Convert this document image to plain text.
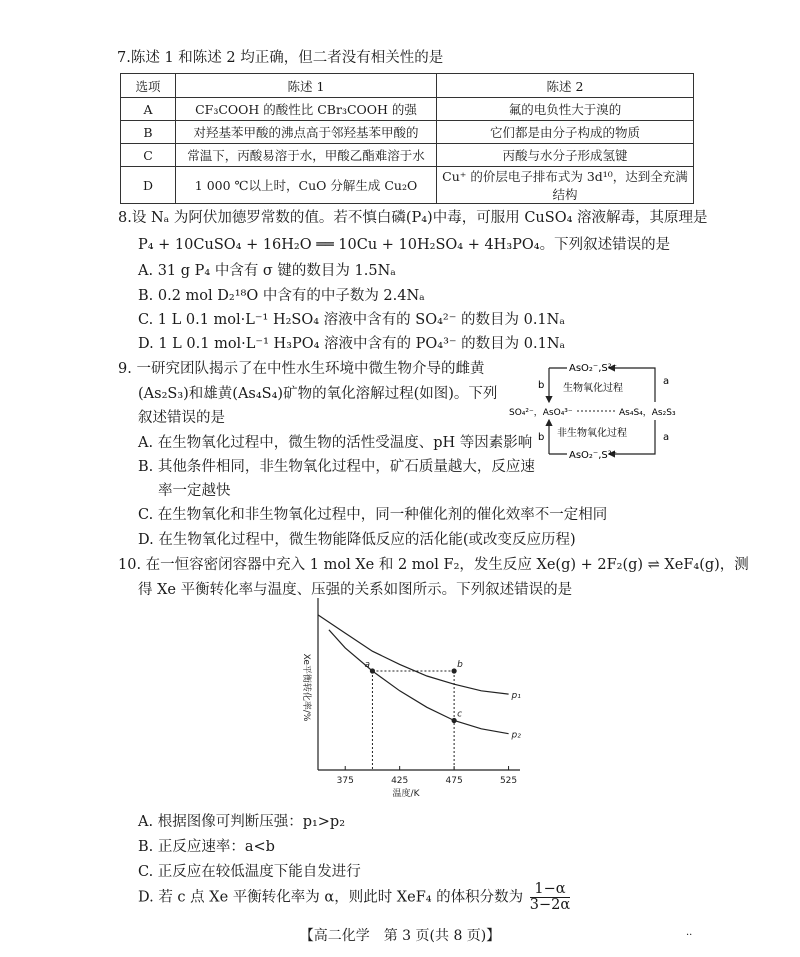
7.陈述 1 和陈述 2 均正确，但二者没有相关性的是
选项	陈述 1	陈述 2
A	CF₃COOH 的酸性比 CBr₃COOH 的强	氟的电负性大于溴的
B	对羟基苯甲酸的沸点高于邻羟基苯甲酸的	它们都是由分子构成的物质
C	常温下，丙酸易溶于水，甲酸乙酯难溶于水	丙酸与水分子形成氢键
D	1 000 ℃以上时，CuO 分解生成 Cu₂O	Cu⁺ 的价层电子排布式为 3d¹⁰，达到全充满结构
8.设 Nₐ 为阿伏加德罗常数的值。若不慎白磷(P₄)中毒，可服用 CuSO₄ 溶液解毒，其原理是
P₄ + 10CuSO₄ + 16H₂O ══ 10Cu + 10H₂SO₄ + 4H₃PO₄。下列叙述错误的是
A. 31 g P₄ 中含有 σ 键的数目为 1.5Nₐ
B. 0.2 mol D₂¹⁸O 中含有的中子数为 2.4Nₐ
C. 1 L 0.1 mol·L⁻¹ H₂SO₄ 溶液中含有的 SO₄²⁻ 的数目为 0.1Nₐ
D. 1 L 0.1 mol·L⁻¹ H₃PO₄ 溶液中含有的 PO₄³⁻ 的数目为 0.1Nₐ
9. 一研究团队揭示了在中性水生环境中微生物介导的雌黄
(As₂S₃)和雄黄(As₄S₄)矿物的氧化溶解过程(如图)。下列
叙述错误的是
A. 在生物氧化过程中，微生物的活性受温度、pH 等因素影响
B. 其他条件相同，非生物氧化过程中，矿石质量越大，反应速
率一定越快
C. 在生物氧化和非生物氧化过程中，同一种催化剂的催化效率不一定相同
D. 在生物氧化过程中，微生物能降低反应的活化能(或改变反应历程)
AsO₂⁻,S²⁻
AsO₂⁻,S²⁻
生物氧化过程
非生物氧化过程
SO₄²⁻，AsO₄³⁻	As₄S₄，As₂S₃
a
a
b
b
10. 在一恒容密闭容器中充入 1 mol Xe 和 2 mol F₂，发生反应 Xe(g) + 2F₂(g) ⇌ XeF₄(g)，测
得 Xe 平衡转化率与温度、压强的关系如图所示。下列叙述错误的是
375	425	475	525
p₁
p₂
a	b
c
Xe平衡转化率/%
温度/K
A. 根据图像可判断压强：p₁>p₂
B. 正反应速率：a<b
C. 正反应在较低温度下能自发进行
D. 若 c 点 Xe 平衡转化率为 α，则此时 XeF₄ 的体积分数为 $\frac{1-\alpha}{3-2\alpha}$
【高二化学　第 3 页(共 8 页)】	··
